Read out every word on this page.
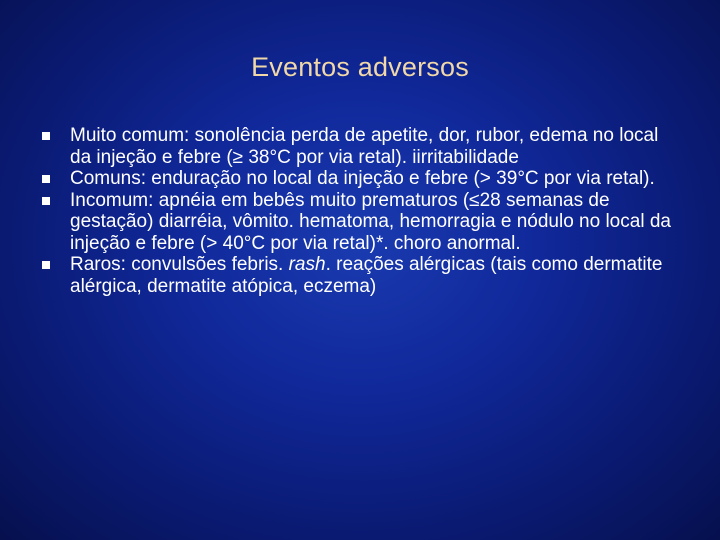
Eventos adversos
Muito comum: sonolência perda de apetite, dor, rubor, edema no local da injeção e febre (≥ 38°C por via retal). iirritabilidade
Comuns: enduração no local da injeção e febre (> 39°C por via retal).
Incomum: apnéia em bebês muito prematuros (≤28 semanas de gestação) diarréia, vômito. hematoma, hemorragia e nódulo no local da injeção e febre (> 40°C por via retal)*. choro anormal.
Raros: convulsões febris. rash. reações alérgicas (tais como dermatite alérgica, dermatite atópica, eczema)
